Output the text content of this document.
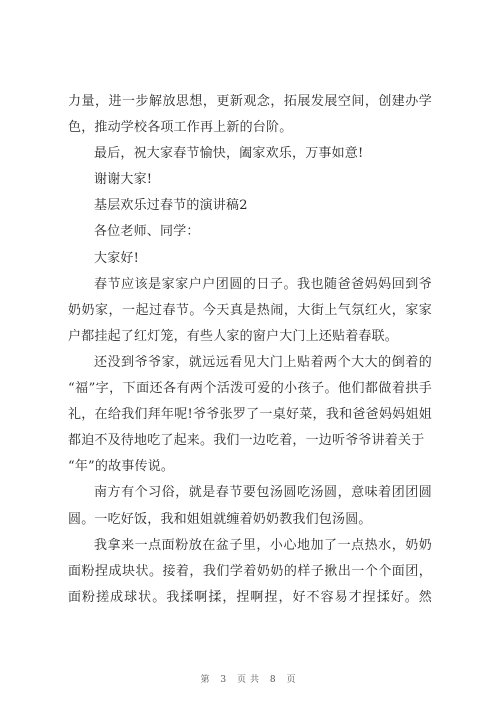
力量，进一步解放思想，更新观念，拓展发展空间，创建办学
色，推动学校各项工作再上新的台阶。
最后，祝大家春节愉快，阖家欢乐，万事如意!
谢谢大家!
基层欢乐过春节的演讲稿2
各位老师、同学：
大家好!
春节应该是家家户户团圆的日子。我也随爸爸妈妈回到爷
奶奶家，一起过春节。今天真是热闹，大街上气氛红火，家家
户都挂起了红灯笼，有些人家的窗户大门上还贴着春联。
还没到爷爷家，就远远看见大门上贴着两个大大的倒着的
“福”字，下面还各有两个活泼可爱的小孩子。他们都做着拱手
礼，在给我们拜年呢!爷爷张罗了一桌好菜，我和爸爸妈妈姐姐
都迫不及待地吃了起来。我们一边吃着，一边听爷爷讲着关于
“年”的故事传说。
南方有个习俗，就是春节要包汤圆吃汤圆，意味着团团圆
圆。一吃好饭，我和姐姐就缠着奶奶教我们包汤圆。
我拿来一点面粉放在盆子里，小心地加了一点热水，奶奶
面粉捏成块状。接着，我们学着奶奶的样子揪出一个个面团，
面粉搓成球状。我揉啊揉，捏啊捏，好不容易才捏揉好。然
第 3 页共 8 页
